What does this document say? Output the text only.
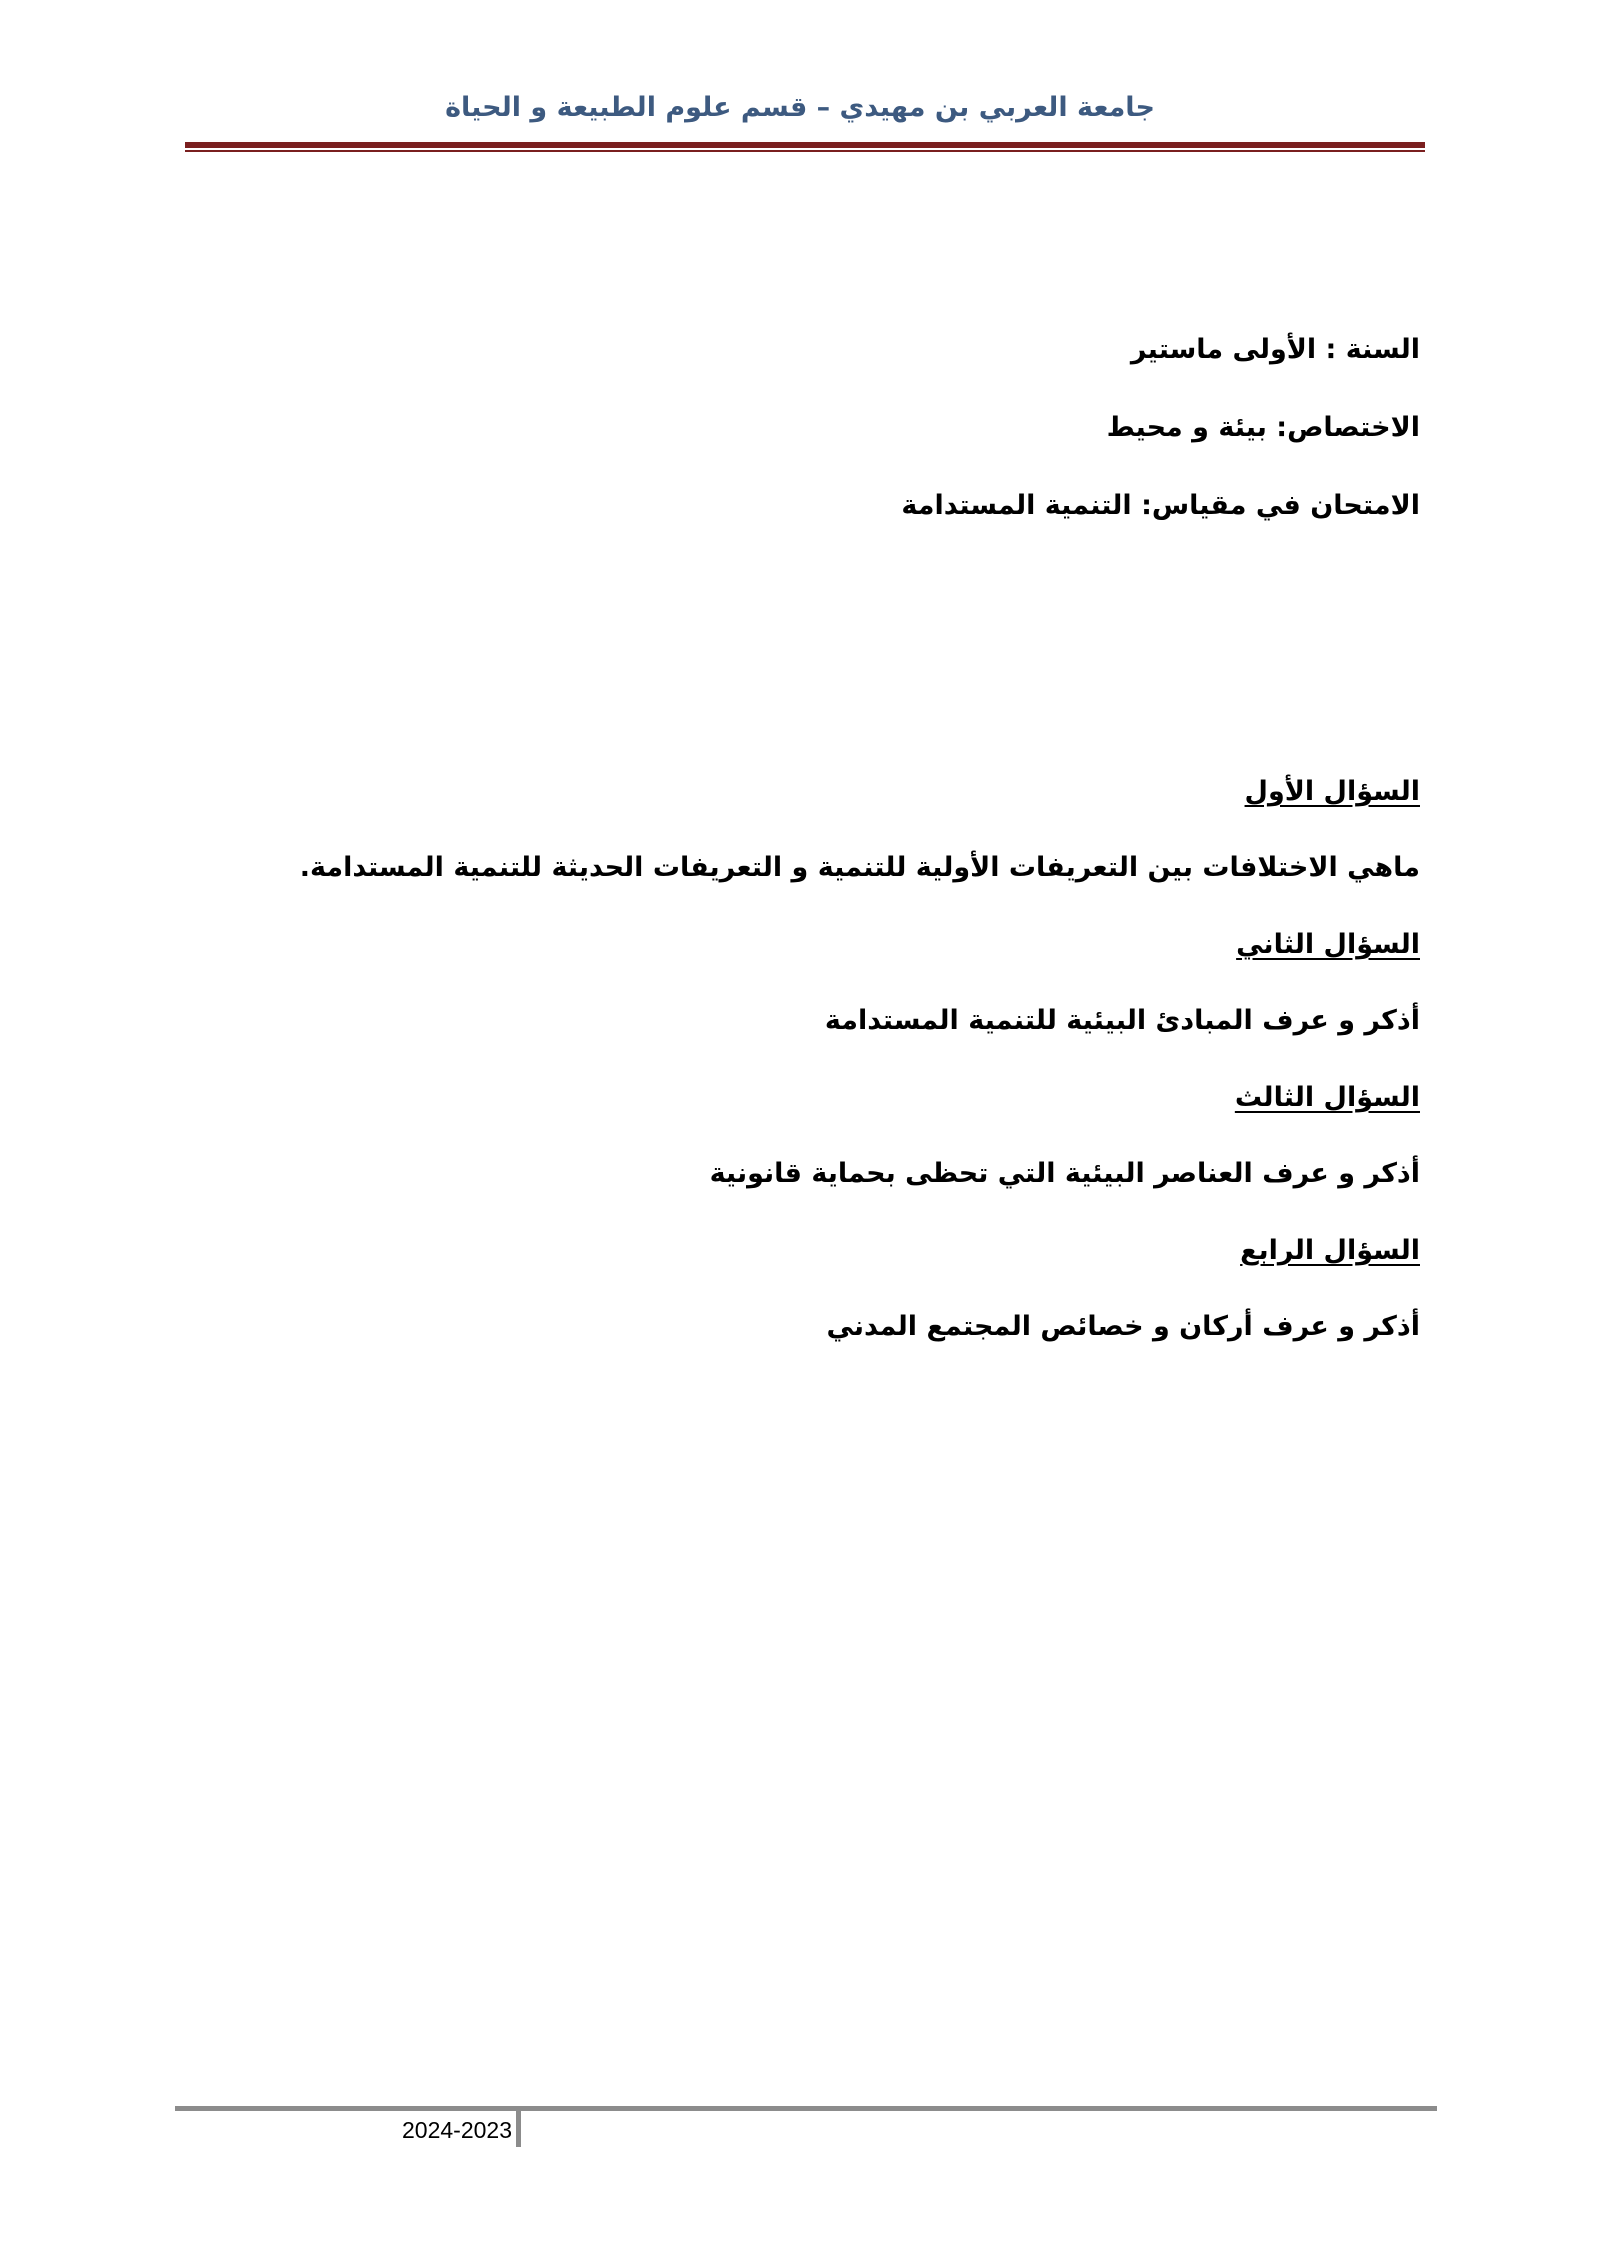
جامعة العربي بن مهيدي – قسم علوم الطبيعة و الحياة
السنة : الأولى ماستير
الاختصاص: بيئة و محيط
الامتحان في مقياس: التنمية المستدامة
السؤال الأول
ماهي الاختلافات بين التعريفات الأولية للتنمية و التعريفات الحديثة للتنمية المستدامة.
السؤال الثاني
أذكر و عرف المبادئ البيئية للتنمية المستدامة
السؤال الثالث
أذكر و عرف العناصر البيئية التي تحظى بحماية قانونية
السؤال الرابع
أذكر و عرف أركان و خصائص المجتمع المدني
2024-2023
